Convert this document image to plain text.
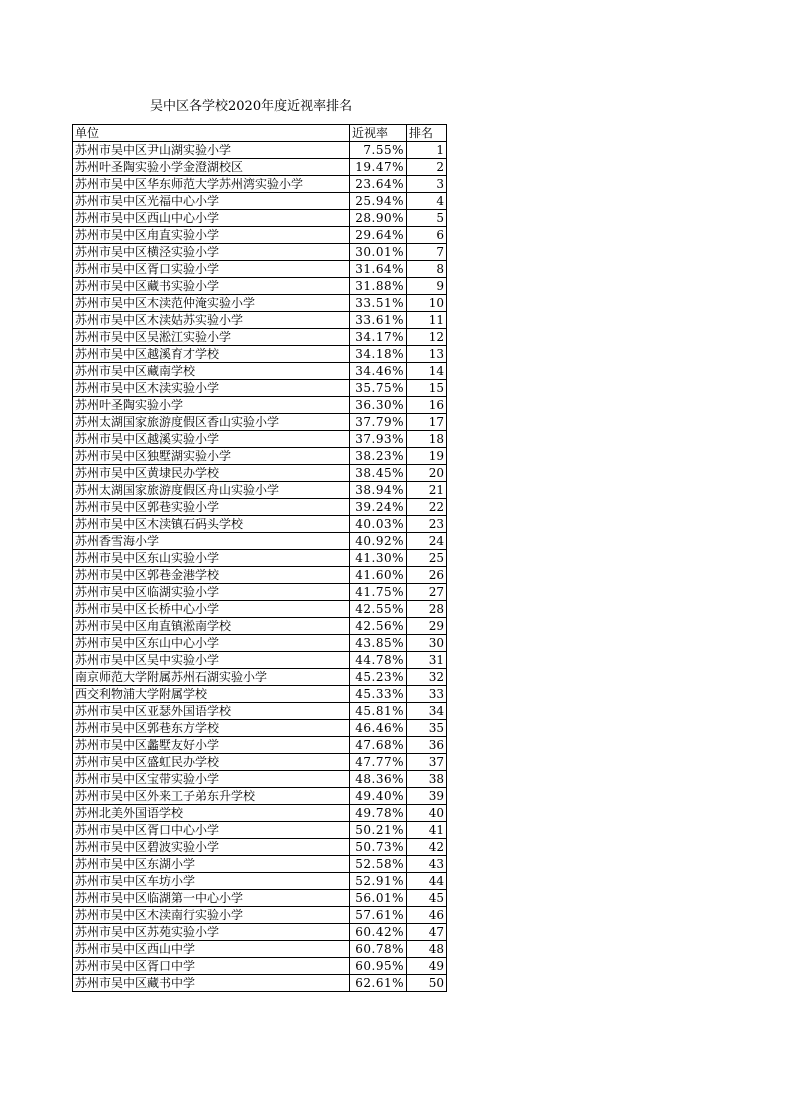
吴中区各学校2020年度近视率排名
单位	近视率	排名
苏州市吴中区尹山湖实验小学	7.55%	1
苏州叶圣陶实验小学金澄湖校区	19.47%	2
苏州市吴中区华东师范大学苏州湾实验小学	23.64%	3
苏州市吴中区光福中心小学	25.94%	4
苏州市吴中区西山中心小学	28.90%	5
苏州市吴中区甪直实验小学	29.64%	6
苏州市吴中区横泾实验小学	30.01%	7
苏州市吴中区胥口实验小学	31.64%	8
苏州市吴中区藏书实验小学	31.88%	9
苏州市吴中区木渎范仲淹实验小学	33.51%	10
苏州市吴中区木渎姑苏实验小学	33.61%	11
苏州市吴中区吴淞江实验小学	34.17%	12
苏州市吴中区越溪育才学校	34.18%	13
苏州市吴中区藏南学校	34.46%	14
苏州市吴中区木渎实验小学	35.75%	15
苏州叶圣陶实验小学	36.30%	16
苏州太湖国家旅游度假区香山实验小学	37.79%	17
苏州市吴中区越溪实验小学	37.93%	18
苏州市吴中区独墅湖实验小学	38.23%	19
苏州市吴中区黄埭民办学校	38.45%	20
苏州太湖国家旅游度假区舟山实验小学	38.94%	21
苏州市吴中区郭巷实验小学	39.24%	22
苏州市吴中区木渎镇石码头学校	40.03%	23
苏州香雪海小学	40.92%	24
苏州市吴中区东山实验小学	41.30%	25
苏州市吴中区郭巷金港学校	41.60%	26
苏州市吴中区临湖实验小学	41.75%	27
苏州市吴中区长桥中心小学	42.55%	28
苏州市吴中区甪直镇淞南学校	42.56%	29
苏州市吴中区东山中心小学	43.85%	30
苏州市吴中区吴中实验小学	44.78%	31
南京师范大学附属苏州石湖实验小学	45.23%	32
西交利物浦大学附属学校	45.33%	33
苏州市吴中区亚瑟外国语学校	45.81%	34
苏州市吴中区郭巷东方学校	46.46%	35
苏州市吴中区蠡墅友好小学	47.68%	36
苏州市吴中区盛虹民办学校	47.77%	37
苏州市吴中区宝带实验小学	48.36%	38
苏州市吴中区外来工子弟东升学校	49.40%	39
苏州北美外国语学校	49.78%	40
苏州市吴中区胥口中心小学	50.21%	41
苏州市吴中区碧波实验小学	50.73%	42
苏州市吴中区东湖小学	52.58%	43
苏州市吴中区车坊小学	52.91%	44
苏州市吴中区临湖第一中心小学	56.01%	45
苏州市吴中区木渎南行实验小学	57.61%	46
苏州市吴中区苏苑实验小学	60.42%	47
苏州市吴中区西山中学	60.78%	48
苏州市吴中区胥口中学	60.95%	49
苏州市吴中区藏书中学	62.61%	50
